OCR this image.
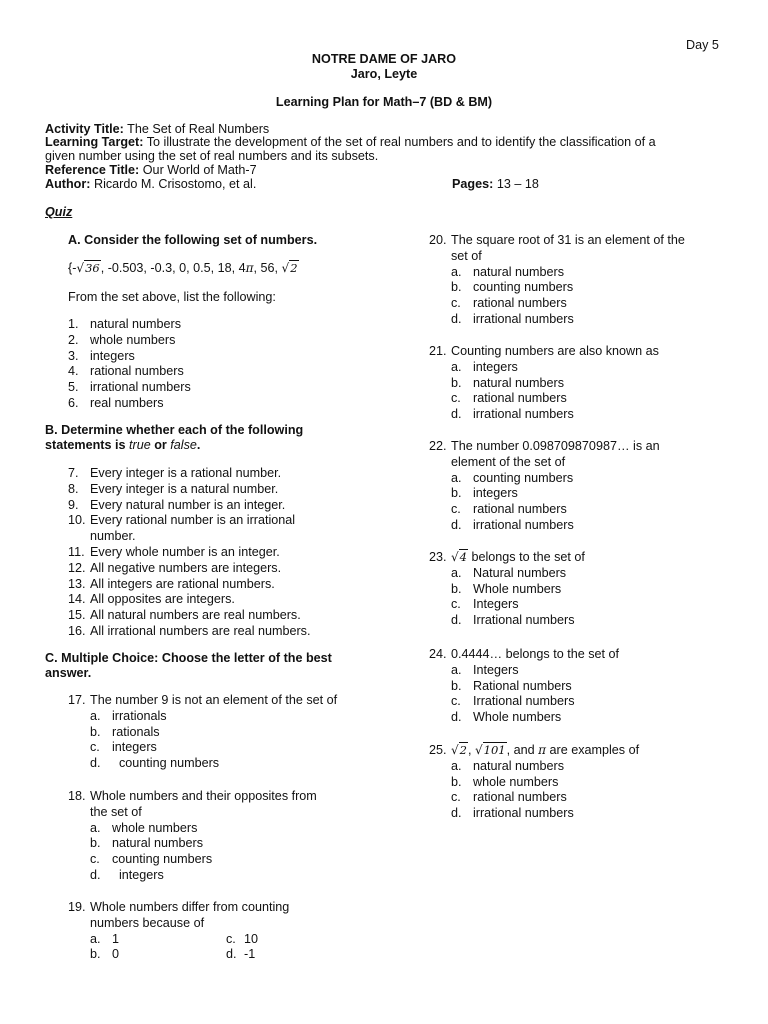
Day 5
NOTRE DAME OF JARO
Jaro, Leyte
Learning Plan for Math–7 (BD & BM)
Activity Title: The Set of Real Numbers
Learning Target: To illustrate the development of the set of real numbers and to identify the classification of a
given number using the set of real numbers and its subsets.
Reference Title: Our World of Math-7
Author: Ricardo M. Crisostomo, et al.	Pages: 13 – 18
Quiz
A. Consider the following set of numbers.
{-√36, -0.503, -0.3, 0, 0.5, 18, 4π, 56, √2
From the set above, list the following:
1. natural numbers
2. whole numbers
3. integers
4. rational numbers
5. irrational numbers
6. real numbers
B. Determine whether each of the following
statements is true or false.
7. Every integer is a rational number.
8. Every integer is a natural number.
9. Every natural number is an integer.
10. Every rational number is an irrational
number.
11. Every whole number is an integer.
12. All negative numbers are integers.
13. All integers are rational numbers.
14. All opposites are integers.
15. All natural numbers are real numbers.
16. All irrational numbers are real numbers.
C. Multiple Choice: Choose the letter of the best
answer.
17. The number 9 is not an element of the set of
a. irrationals
b. rationals
c. integers
d.  counting numbers
18. Whole numbers and their opposites from
the set of
a. whole numbers
b. natural numbers
c. counting numbers
d.  integers
19. Whole numbers differ from counting
numbers because of
a. 1	c. 10
b. 0	d. -1
20. The square root of 31 is an element of the
set of
a. natural numbers
b. counting numbers
c. rational numbers
d. irrational numbers
21. Counting numbers are also known as
a. integers
b. natural numbers
c. rational numbers
d. irrational numbers
22. The number 0.098709870987… is an
element of the set of
a. counting numbers
b. integers
c. rational numbers
d. irrational numbers
23. √4 belongs to the set of
a. Natural numbers
b. Whole numbers
c. Integers
d. Irrational numbers
24. 0.4444… belongs to the set of
a. Integers
b. Rational numbers
c. Irrational numbers
d. Whole numbers
25. √2, √101, and π are examples of
a. natural numbers
b. whole numbers
c. rational numbers
d. irrational numbers
